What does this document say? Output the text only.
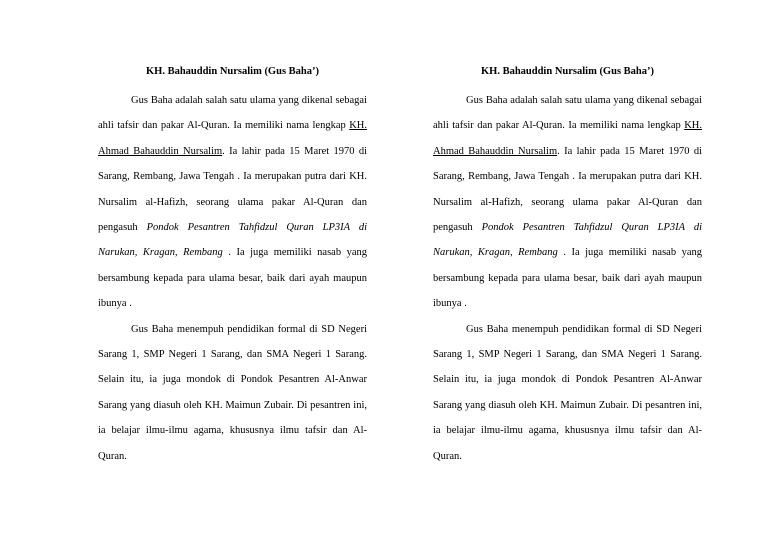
KH. Bahauddin Nursalim (Gus Baha’)

Gus Baha adalah salah satu ulama yang dikenal sebagai ahli tafsir dan pakar Al-Quran. Ia memiliki nama lengkap KH. Ahmad Bahauddin Nursalim. Ia lahir pada 15 Maret 1970 di Sarang, Rembang, Jawa Tengah . Ia merupakan putra dari KH. Nursalim al-Hafizh, seorang ulama pakar Al-Quran dan pengasuh Pondok Pesantren Tahfidzul Quran LP3IA di Narukan, Kragan, Rembang . Ia juga memiliki nasab yang bersambung kepada para ulama besar, baik dari ayah maupun ibunya .

Gus Baha menempuh pendidikan formal di SD Negeri Sarang 1, SMP Negeri 1 Sarang, dan SMA Negeri 1 Sarang. Selain itu, ia juga mondok di Pondok Pesantren Al-Anwar Sarang yang diasuh oleh KH. Maimun Zubair. Di pesantren ini, ia belajar ilmu-ilmu agama, khususnya ilmu tafsir dan Al-Quran.

KH. Bahauddin Nursalim (Gus Baha’)

Gus Baha adalah salah satu ulama yang dikenal sebagai ahli tafsir dan pakar Al-Quran. Ia memiliki nama lengkap KH. Ahmad Bahauddin Nursalim. Ia lahir pada 15 Maret 1970 di Sarang, Rembang, Jawa Tengah . Ia merupakan putra dari KH. Nursalim al-Hafizh, seorang ulama pakar Al-Quran dan pengasuh Pondok Pesantren Tahfidzul Quran LP3IA di Narukan, Kragan, Rembang . Ia juga memiliki nasab yang bersambung kepada para ulama besar, baik dari ayah maupun ibunya .

Gus Baha menempuh pendidikan formal di SD Negeri Sarang 1, SMP Negeri 1 Sarang, dan SMA Negeri 1 Sarang. Selain itu, ia juga mondok di Pondok Pesantren Al-Anwar Sarang yang diasuh oleh KH. Maimun Zubair. Di pesantren ini, ia belajar ilmu-ilmu agama, khususnya ilmu tafsir dan Al-Quran.
